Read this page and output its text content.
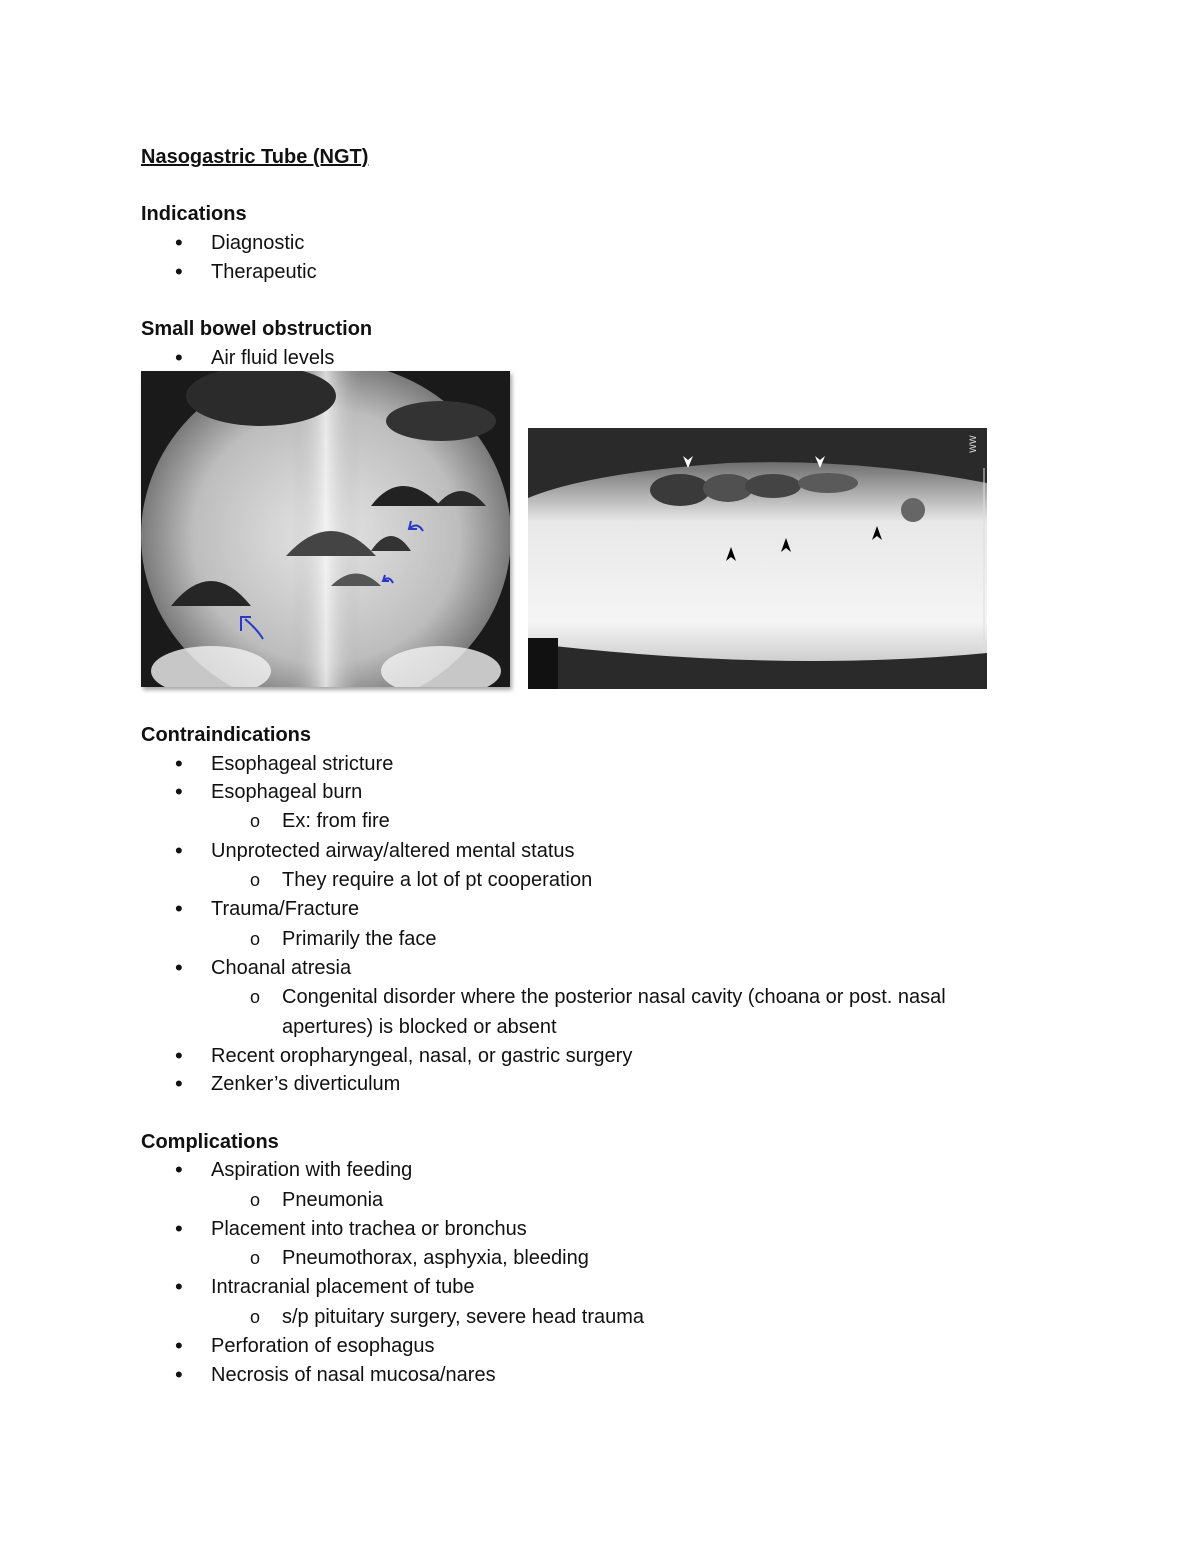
Nasogastric Tube (NGT)
Indications
• Diagnostic
• Therapeutic
Small bowel obstruction
• Air fluid levels
WW
Contraindications
• Esophageal stricture
• Esophageal burn
o Ex: from fire
• Unprotected airway/altered mental status
o They require a lot of pt cooperation
• Trauma/Fracture
o Primarily the face
• Choanal atresia
o Congenital disorder where the posterior nasal cavity (choana or post. nasal
apertures) is blocked or absent
• Recent oropharyngeal, nasal, or gastric surgery
• Zenker’s diverticulum
Complications
• Aspiration with feeding
o Pneumonia
• Placement into trachea or bronchus
o Pneumothorax, asphyxia, bleeding
• Intracranial placement of tube
o s/p pituitary surgery, severe head trauma
• Perforation of esophagus
• Necrosis of nasal mucosa/nares
